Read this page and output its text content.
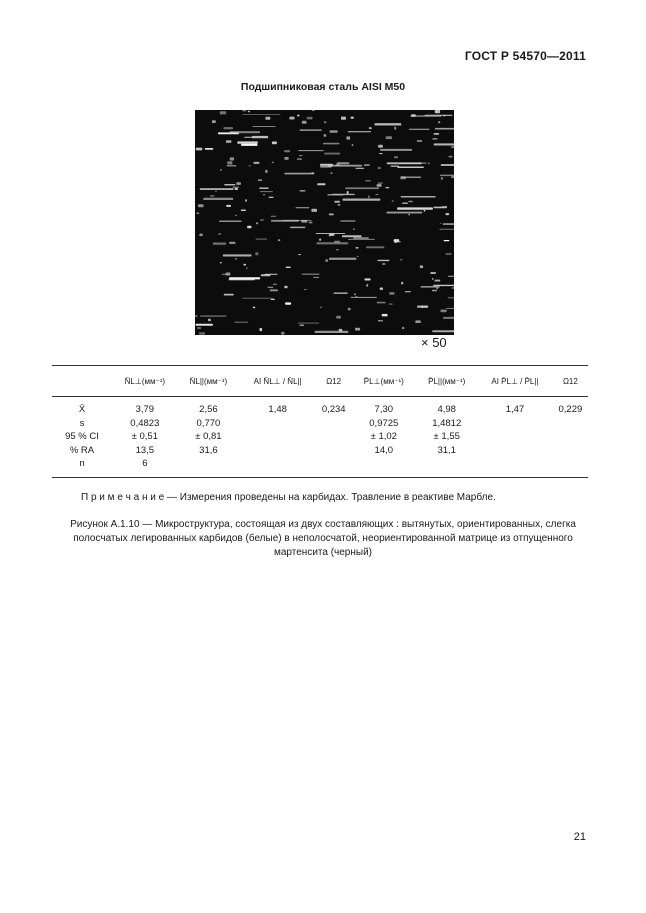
ГОСТ Р 54570—2011
Подшипниковая сталь AISI M50
× 50
	N̄L⊥(мм⁻¹)	N̄L||(мм⁻¹)	AI N̄L⊥ / N̄L||	Ω12	P̄L⊥(мм⁻¹)	P̄L||(мм⁻¹)	AI P̄L⊥ / P̄L||	Ω12
X̄	3,79	2,56	1,48	0,234	7,30	4,98	1,47	0,229
s	0,4823	0,770			0,9725	1,4812		
95 % CI	± 0,51	± 0,81			± 1,02	± 1,55		
% RA	13,5	31,6			14,0	31,1		
n	6							
П р и м е ч а н и е — Измерения проведены на карбидах. Травление в реактиве Марбле.
Рисунок А.1.10 — Микроструктура, состоящая из двух составляющих : вытянутых, ориентированных, слегка полосчатых легированных карбидов (белые) в неполосчатой, неориентированной матрице из отпущенного мартенсита (черный)
21
